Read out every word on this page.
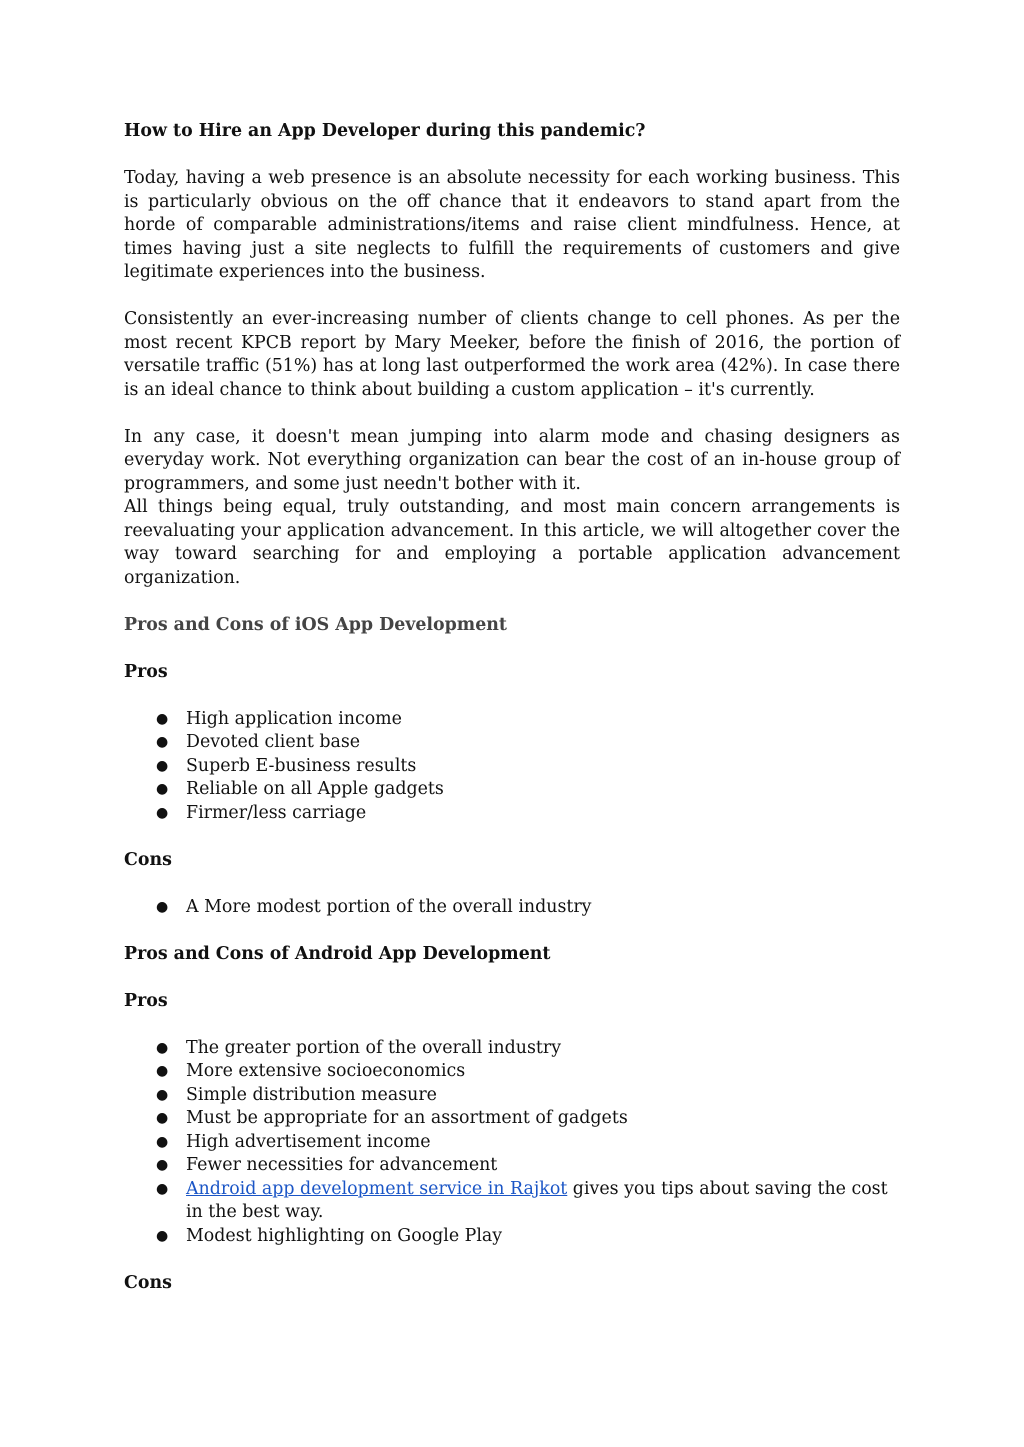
How to Hire an App Developer during this pandemic?

Today, having a web presence is an absolute necessity for each working business. This is particularly obvious on the off chance that it endeavors to stand apart from the horde of comparable administrations/items and raise client mindfulness. Hence, at times having just a site neglects to fulfill the requirements of customers and give legitimate experiences into the business.

Consistently an ever-increasing number of clients change to cell phones. As per the most recent KPCB report by Mary Meeker, before the finish of 2016, the portion of versatile traffic (51%) has at long last outperformed the work area (42%). In case there is an ideal chance to think about building a custom application – it's currently.

In any case, it doesn't mean jumping into alarm mode and chasing designers as everyday work. Not everything organization can bear the cost of an in-house group of programmers, and some just needn't bother with it.

All things being equal, truly outstanding, and most main concern arrangements is reevaluating your application advancement. In this article, we will altogether cover the way toward searching for and employing a portable application advancement organization.

Pros and Cons of iOS App Development
Pros
● High application income
● Devoted client base
● Superb E-business results
● Reliable on all Apple gadgets
● Firmer/less carriage
Cons
● A More modest portion of the overall industry
Pros and Cons of Android App Development
Pros
● The greater portion of the overall industry
● More extensive socioeconomics
● Simple distribution measure
● Must be appropriate for an assortment of gadgets
● High advertisement income
● Fewer necessities for advancement
● Android app development service in Rajkot gives you tips about saving the cost in the best way.
● Modest highlighting on Google Play
Cons
